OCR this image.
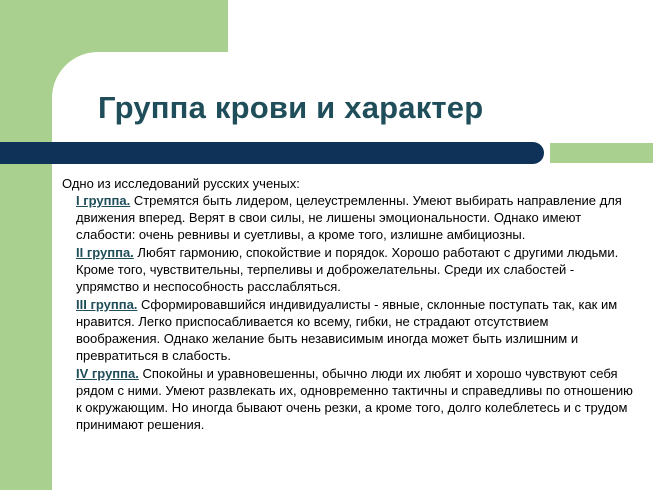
Группа крови и характер

Одно из исследований русских ученых:

I группа. Стремятся быть лидером, целеустремленны. Умеют выбирать направление для движения вперед. Верят в свои силы, не лишены эмоциональности. Однако имеют слабости: очень ревнивы и суетливы, а кроме того, излишне амбициозны.

II группа. Любят гармонию, спокойствие и порядок. Хорошо работают с другими людьми. Кроме того, чувствительны, терпеливы и доброжелательны. Среди их слабостей - упрямство и неспособность расслабляться.

III группа. Сформировавшийся индивидуалисты - явные, склонные поступать так, как им нравится. Легко приспосабливается ко всему, гибки, не страдают отсутствием воображения. Однако желание быть независимым иногда может быть излишним и превратиться в слабость.

IV группа. Спокойны и уравновешенны, обычно люди их любят и хорошо чувствуют себя рядом с ними. Умеют развлекать их, одновременно тактичны и справедливы по отношению к окружающим. Но иногда бывают очень резки, а кроме того, долго колеблетесь и с трудом принимают решения.
